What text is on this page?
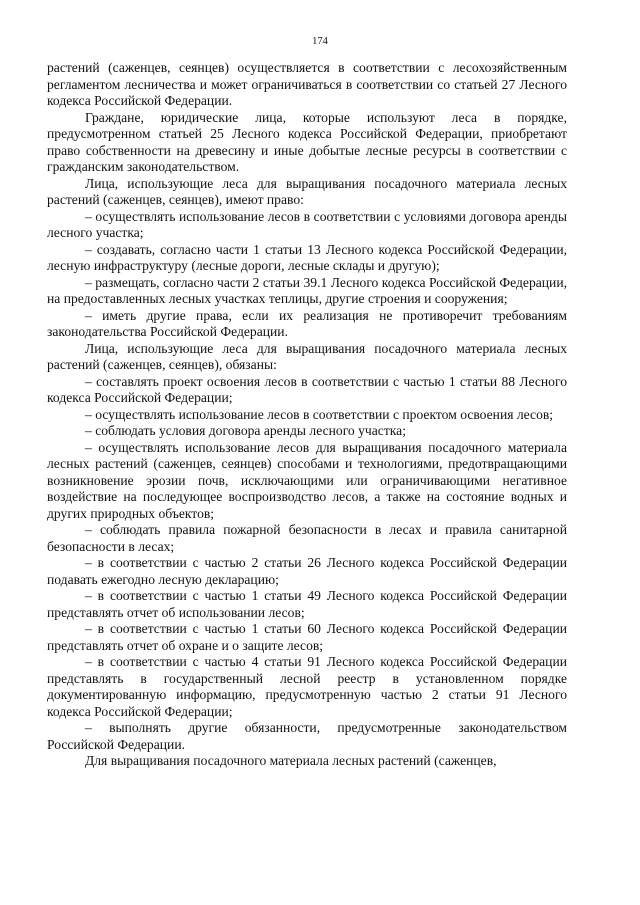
174

растений (саженцев, сеянцев) осуществляется в соответствии с лесохозяйственным регламентом лесничества и может ограничиваться в соответствии со статьей 27 Лесного кодекса Российской Федерации.

Граждане, юридические лица, которые используют леса в порядке, предусмотренном статьей 25 Лесного кодекса Российской Федерации, приобретают право собственности на древесину и иные добытые лесные ресурсы в соответствии с гражданским законодательством.

Лица, использующие леса для выращивания посадочного материала лесных растений (саженцев, сеянцев), имеют право:

– осуществлять использование лесов в соответствии с условиями договора аренды лесного участка;

– создавать, согласно части 1 статьи 13 Лесного кодекса Российской Федерации, лесную инфраструктуру (лесные дороги, лесные склады и другую);

– размещать, согласно части 2 статьи 39.1 Лесного кодекса Российской Федерации, на предоставленных лесных участках теплицы, другие строения и сооружения;

– иметь другие права, если их реализация не противоречит требованиям законодательства Российской Федерации.

Лица, использующие леса для выращивания посадочного материала лесных растений (саженцев, сеянцев), обязаны:

– составлять проект освоения лесов в соответствии с частью 1 статьи 88 Лесного кодекса Российской Федерации;

– осуществлять использование лесов в соответствии с проектом освоения лесов;

– соблюдать условия договора аренды лесного участка;

– осуществлять использование лесов для выращивания посадочного материала лесных растений (саженцев, сеянцев) способами и технологиями, предотвращающими возникновение эрозии почв, исключающими или ограничивающими негативное воздействие на последующее воспроизводство лесов, а также на состояние водных и других природных объектов;

– соблюдать правила пожарной безопасности в лесах и правила санитарной безопасности в лесах;

– в соответствии с частью 2 статьи 26 Лесного кодекса Российской Федерации подавать ежегодно лесную декларацию;

– в соответствии с частью 1 статьи 49 Лесного кодекса Российской Федерации представлять отчет об использовании лесов;

– в соответствии с частью 1 статьи 60 Лесного кодекса Российской Федерации представлять отчет об охране и о защите лесов;

– в соответствии с частью 4 статьи 91 Лесного кодекса Российской Федерации представлять в государственный лесной реестр в установленном порядке документированную информацию, предусмотренную частью 2 статьи 91 Лесного кодекса Российской Федерации;

– выполнять другие обязанности, предусмотренные законодательством Российской Федерации.

Для выращивания посадочного материала лесных растений (саженцев,
